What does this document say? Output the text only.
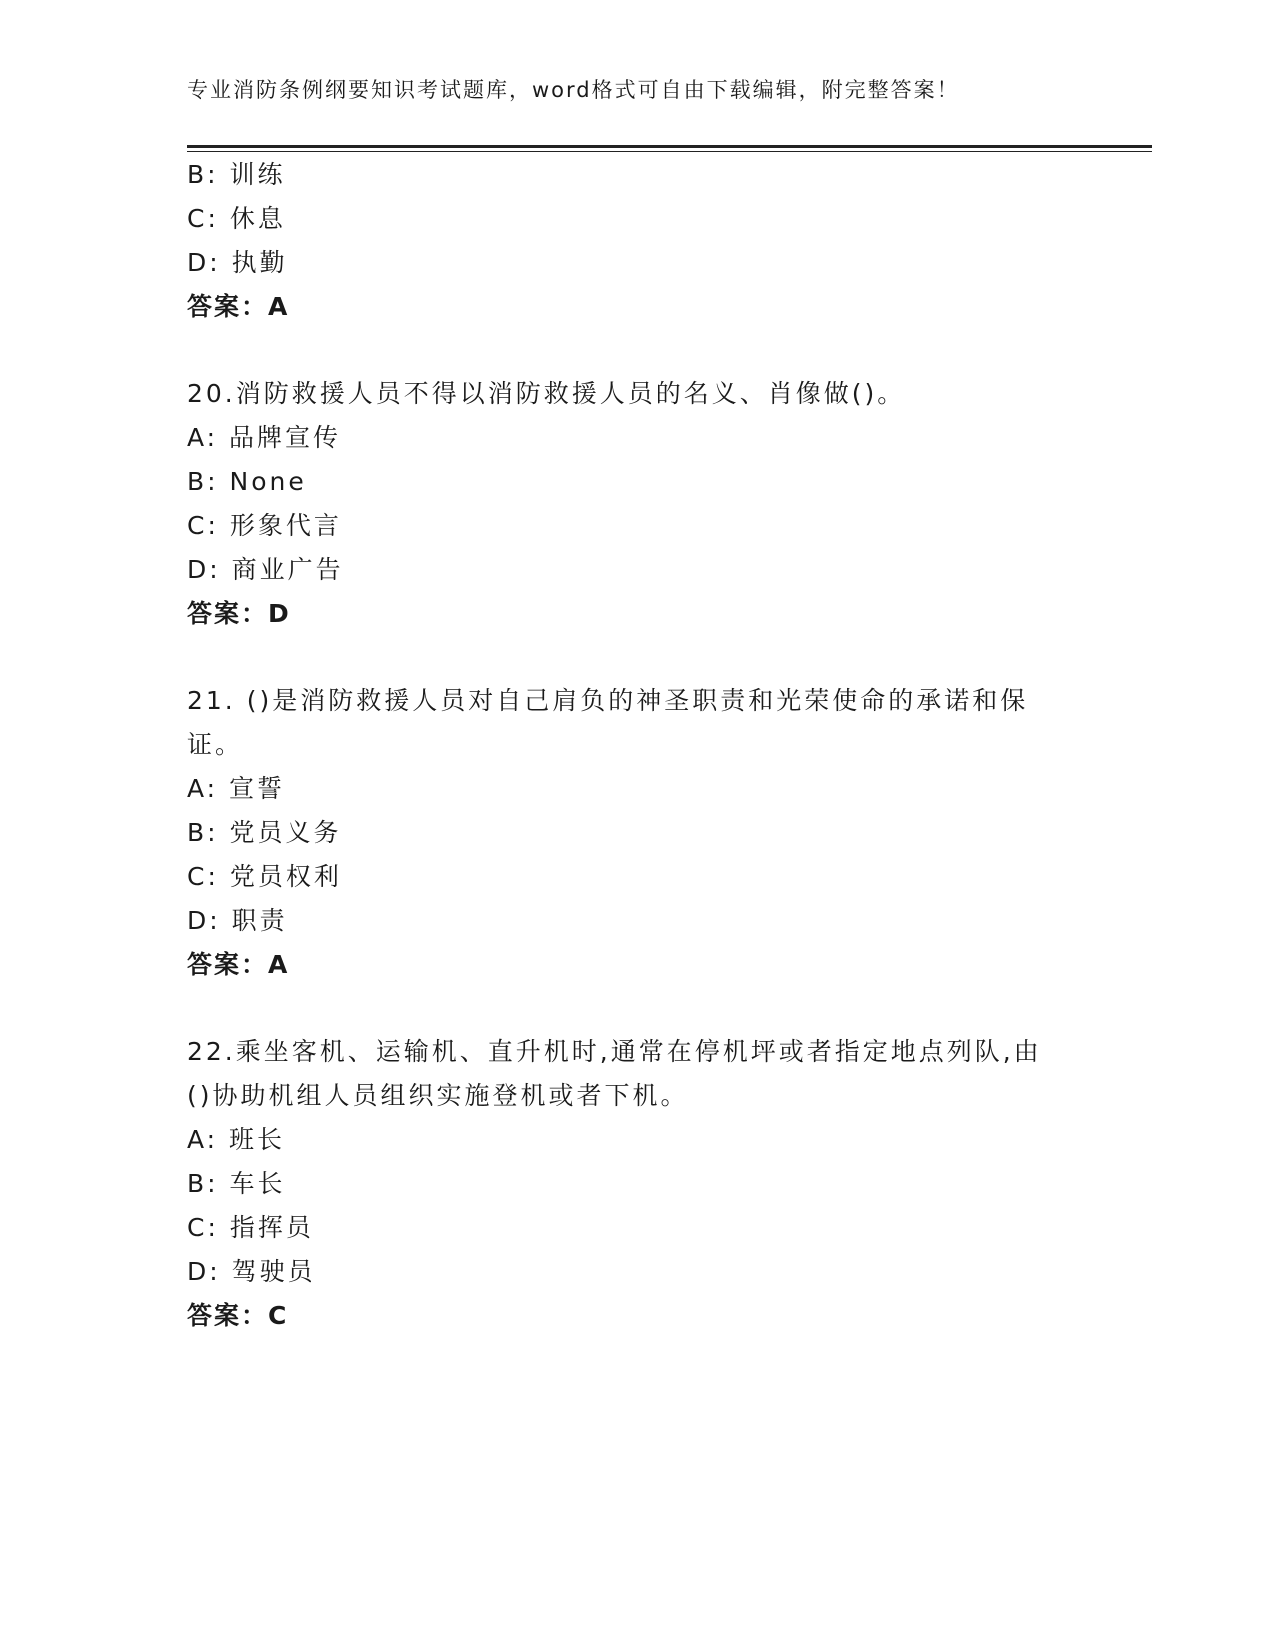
专业消防条例纲要知识考试题库，word格式可自由下载编辑，附完整答案！
B: 训练
C: 休息
D: 执勤
答案：A
20.消防救援人员不得以消防救援人员的名义、肖像做()。
A: 品牌宣传
B: None
C: 形象代言
D: 商业广告
答案：D
21. ()是消防救援人员对自己肩负的神圣职责和光荣使命的承诺和保
证。
A: 宣誓
B: 党员义务
C: 党员权利
D: 职责
答案：A
22.乘坐客机、运输机、直升机时,通常在停机坪或者指定地点列队,由
()协助机组人员组织实施登机或者下机。
A: 班长
B: 车长
C: 指挥员
D: 驾驶员
答案：C
